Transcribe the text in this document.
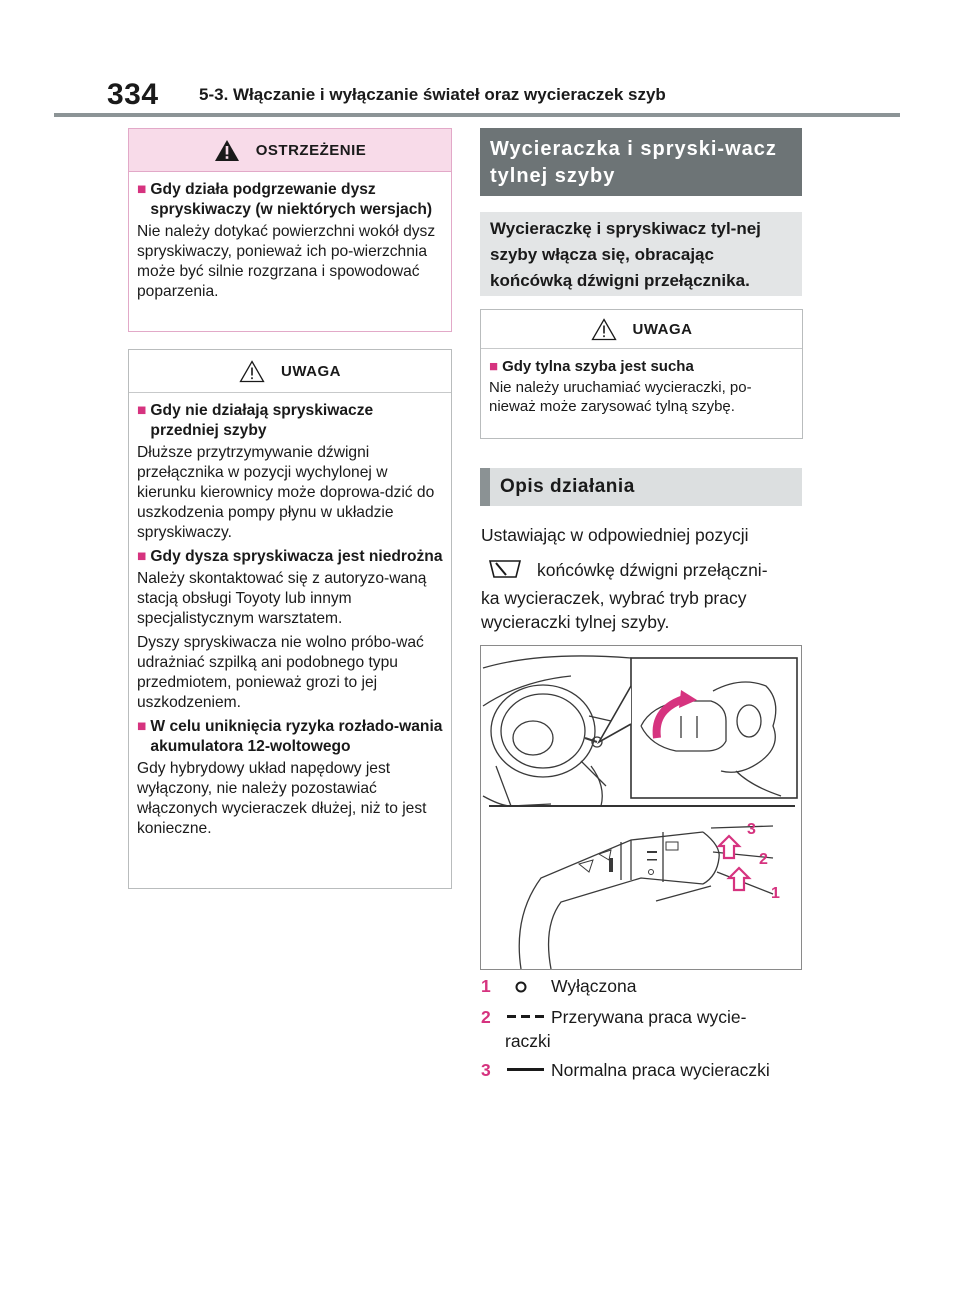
334 5-3. Włączanie i wyłączanie świateł oraz wycieraczek szyb
OSTRZEŻENIE
■ Gdy działa podgrzewanie dysz spryskiwaczy (w niektórych wersjach)
Nie należy dotykać powierzchni wokół dysz spryskiwaczy, ponieważ ich po-wierzchnia może być silnie rozgrzana i spowodować poparzenia.
UWAGA
■ Gdy nie działają spryskiwacze przedniej szyby
Dłuższe przytrzymywanie dźwigni przełącznika w pozycji wychylonej w kierunku kierownicy może doprowa-dzić do uszkodzenia pompy płynu w układzie spryskiwaczy.
■ Gdy dysza spryskiwacza jest niedrożna
Należy skontaktować się z autoryzo-waną stacją obsługi Toyoty lub innym specjalistycznym warsztatem.
Dyszy spryskiwacza nie wolno próbo-wać udrażniać szpilką ani podobnego typu przedmiotem, ponieważ grozi to jej uszkodzeniem.
■ W celu uniknięcia ryzyka rozłado-wania akumulatora 12-woltowego
Gdy hybrydowy układ napędowy jest wyłączony, nie należy pozostawiać włączonych wycieraczek dłużej, niż to jest konieczne.
Wycieraczka i spryski-wacz tylnej szyby
Wycieraczkę i spryskiwacz tyl-nej szyby włącza się, obracając końcówką dźwigni przełącznika.
UWAGA
■ Gdy tylna szyba jest sucha
Nie należy uruchamiać wycieraczki, po-nieważ może zarysować tylną szybę.
Opis działania
Ustawiając w odpowiedniej pozycji
końcówkę dźwigni przełączni-
ka wycieraczek, wybrać tryb pracy
wycieraczki tylnej szyby.
3
2
1
1	Wyłączona
2	Przerywana praca wycie-
raczki
3	Normalna praca wycieraczki
